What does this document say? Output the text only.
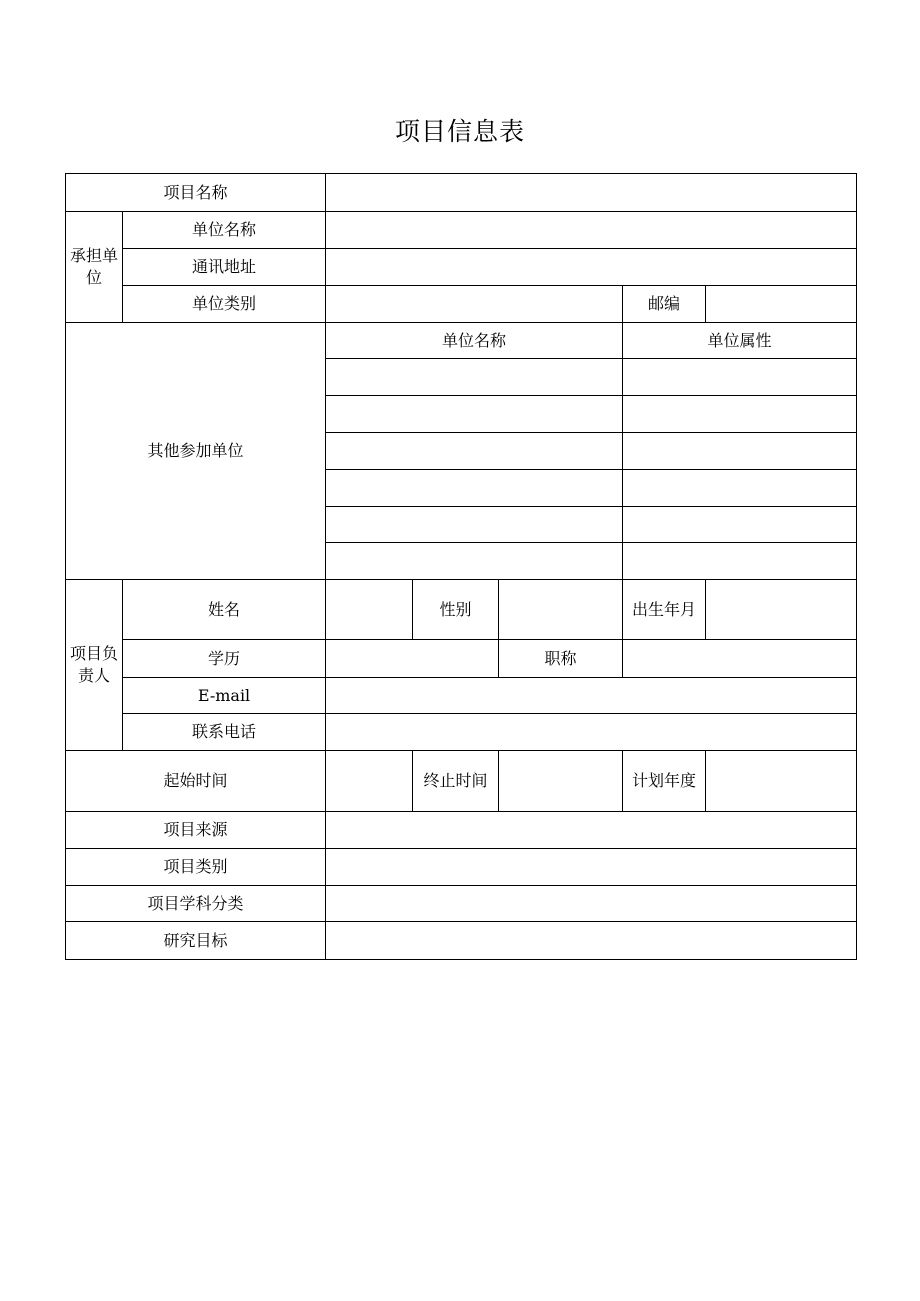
项目信息表
项目名称						
承担单位	单位名称					
	通讯地址					
	单位类别				邮编	
其他参加单位		单位名称			单位属性	

项目负责人	姓名		性别		出生年月	
	学历			职称		
	E-mail					
	联系电话					
起始时间			终止时间		计划年度	
项目来源						
项目类别						
项目学科分类						
研究目标						
